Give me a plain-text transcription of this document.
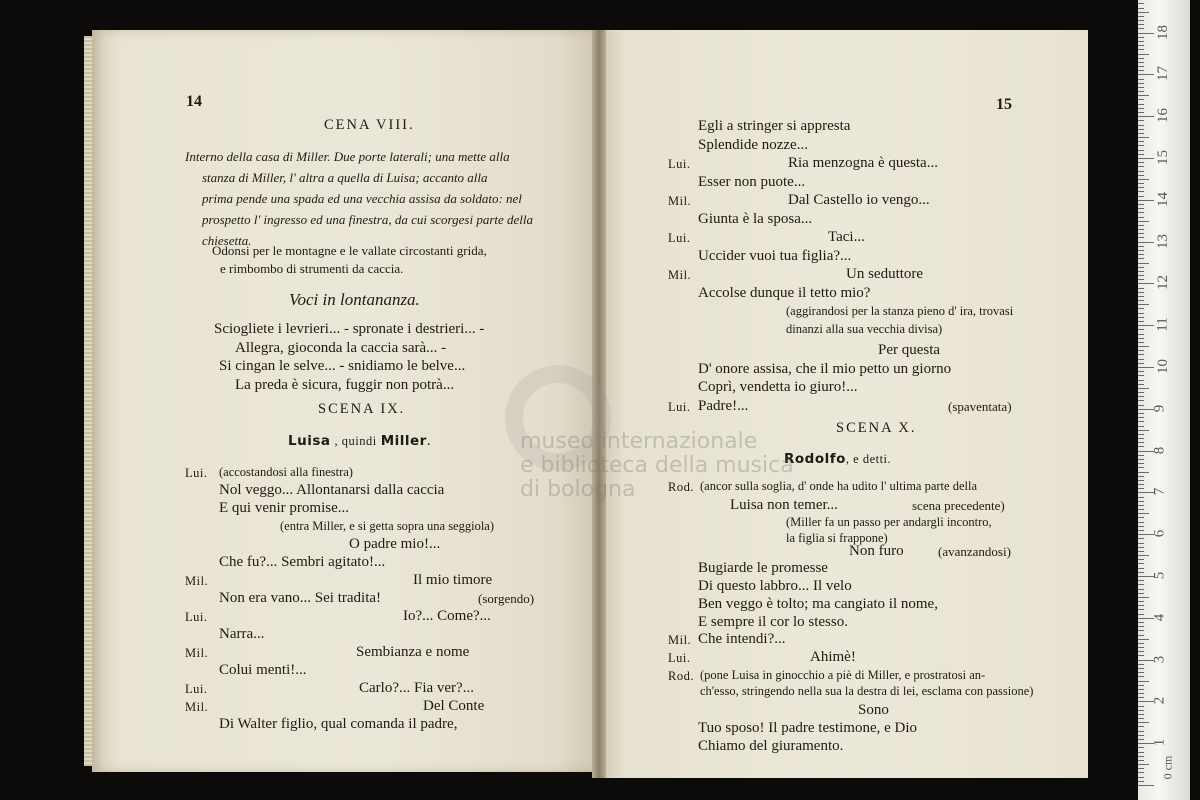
14
CENA VIII.
Interno della casa di Miller. Due porte laterali; una mette alla
stanza di Miller, l' altra a quella di Luisa; accanto alla
prima pende una spada ed una vecchia assisa da soldato: nel
prospetto l' ingresso ed una finestra, da cui scorgesi parte della
chiesetta.
Odonsi per le montagne e le vallate circostanti grida,
e rimbombo di strumenti da caccia.
Voci in lontananza.
Sciogliete i levrieri... - spronate i destrieri... -
Allegra, gioconda la caccia sarà... -
Si cingan le selve... - snidiamo le belve...
La preda è sicura, fuggir non potrà...
SCENA IX.
Luisa , quindi Miller.
Lui. (accostandosi alla finestra)
Nol veggo... Allontanarsi dalla caccia
E qui venir promise...
(entra Miller, e si getta sopra una seggiola)
O padre mio!...
Che fu?... Sembri agitato!...
Mil.	Il mio timore
Non era vano... Sei tradita!	(sorgendo)
Lui.	Io?... Come?...
Narra...
Mil.	Sembianza e nome
Colui menti!...
Lui.	Carlo?... Fia ver?...
Mil.	Del Conte
Di Walter figlio, qual comanda il padre,
15
Egli a stringer si appresta
Splendide nozze...
Lui.	Ria menzogna è questa...
Esser non puote...
Mil.	Dal Castello io vengo...
Giunta è la sposa...
Lui.	Taci...
Uccider vuoi tua figlia?...
Mil.	Un seduttore
Accolse dunque il tetto mio?
(aggirandosi per la stanza pieno d' ira, trovasi
dinanzi alla sua vecchia divisa)
Per questa
D' onore assisa, che il mio petto un giorno
Coprì, vendetta io giuro!...
Lui. Padre!...	(spaventata)
SCENA X.
Rodolfo, e detti.
Rod. (ancor sulla soglia, d' onde ha udito l' ultima parte della
Luisa non temer...	scena precedente)
(Miller fa un passo per andargli incontro,
la figlia si frappone)
Non furo	(avanzandosi)
Bugiarde le promesse
Di questo labbro... Il velo
Ben veggo è tolto; ma cangiato il nome,
E sempre il cor lo stesso.
Mil. Che intendi?...
Lui.	Ahimè!
Rod. (pone Luisa in ginocchio a piè di Miller, e prostratosi an-
ch'esso, stringendo nella sua la destra di lei, esclama con passione)
Sono
Tuo sposo! Il padre testimone, e Dio
Chiamo del giuramento.
museo internazionale
e biblioteca della musica
di bologna
0 cm
1
2
3
4
5
6
7
8
9
10
11
12
13
14
15
16
17
18
